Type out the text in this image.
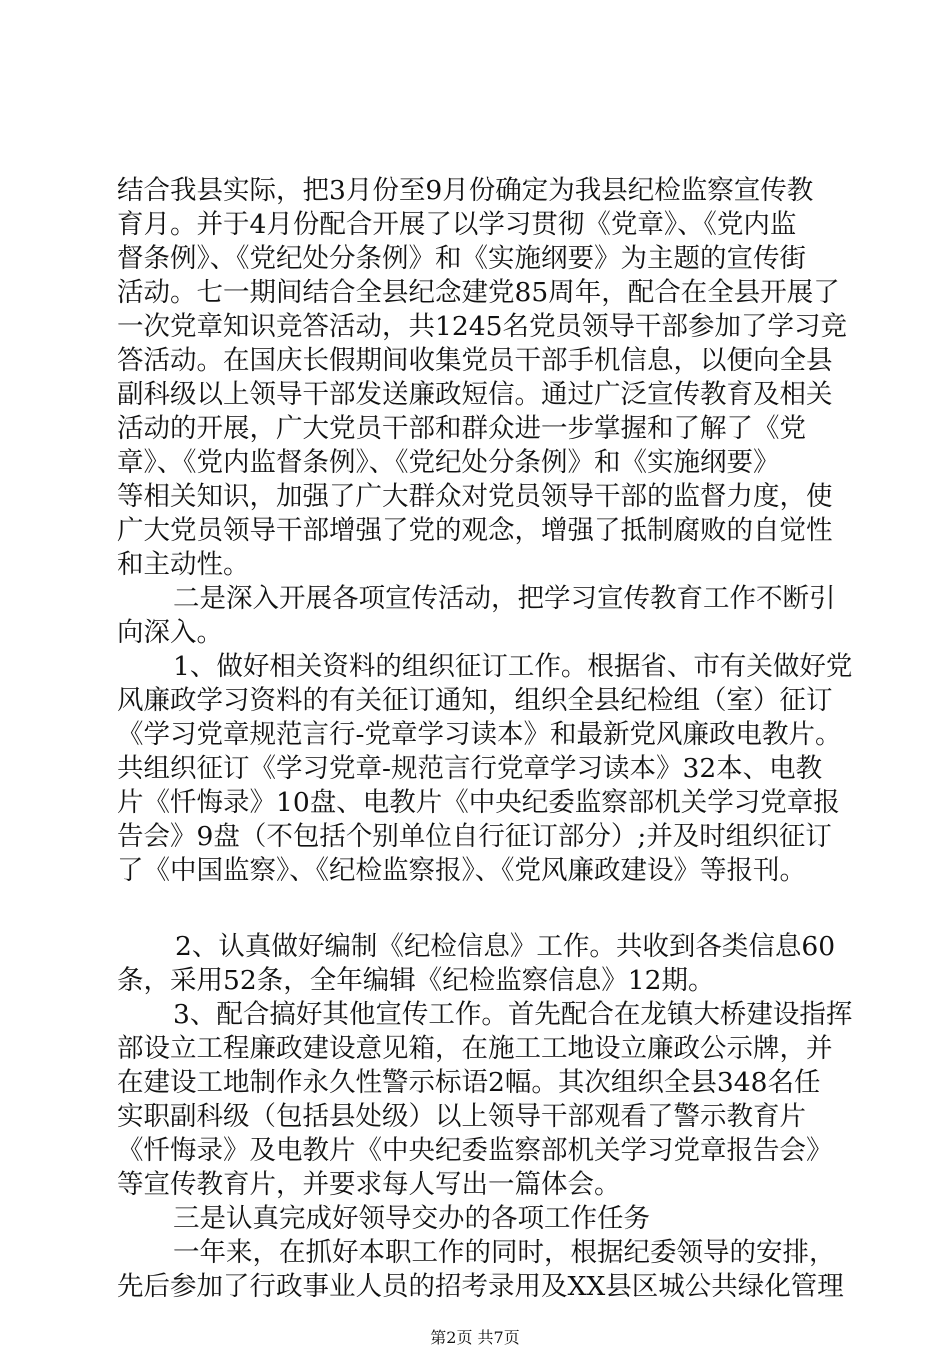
结合我县实际，把3月份至9月份确定为我县纪检监察宣传教
育月。并于4月份配合开展了以学习贯彻《党章》、《党内监
督条例》、《党纪处分条例》和《实施纲要》为主题的宣传街
活动。七一期间结合全县纪念建党85周年，配合在全县开展了
一次党章知识竞答活动，共1245名党员领导干部参加了学习竞
答活动。在国庆长假期间收集党员干部手机信息，以便向全县
副科级以上领导干部发送廉政短信。通过广泛宣传教育及相关
活动的开展，广大党员干部和群众进一步掌握和了解了《党
章》、《党内监督条例》、《党纪处分条例》和《实施纲要》
等相关知识，加强了广大群众对党员领导干部的监督力度，使
广大党员领导干部增强了党的观念，增强了抵制腐败的自觉性
和主动性。
二是深入开展各项宣传活动，把学习宣传教育工作不断引
向深入。
1、做好相关资料的组织征订工作。根据省、市有关做好党
风廉政学习资料的有关征订通知，组织全县纪检组（室）征订
《学习党章规范言行-党章学习读本》和最新党风廉政电教片。
共组织征订《学习党章-规范言行党章学习读本》32本、电教
片《忏悔录》10盘、电教片《中央纪委监察部机关学习党章报
告会》9盘（不包括个别单位自行征订部分）;并及时组织征订
了《中国监察》、《纪检监察报》、《党风廉政建设》等报刊。
2、认真做好编制《纪检信息》工作。共收到各类信息60
条，采用52条，全年编辑《纪检监察信息》12期。
3、配合搞好其他宣传工作。首先配合在龙镇大桥建设指挥
部设立工程廉政建设意见箱，在施工工地设立廉政公示牌，并
在建设工地制作永久性警示标语2幅。其次组织全县348名任
实职副科级（包括县处级）以上领导干部观看了警示教育片
《忏悔录》及电教片《中央纪委监察部机关学习党章报告会》
等宣传教育片，并要求每人写出一篇体会。
三是认真完成好领导交办的各项工作任务
一年来，在抓好本职工作的同时，根据纪委领导的安排，
先后参加了行政事业人员的招考录用及XX县区城公共绿化管理
第2页 共7页
